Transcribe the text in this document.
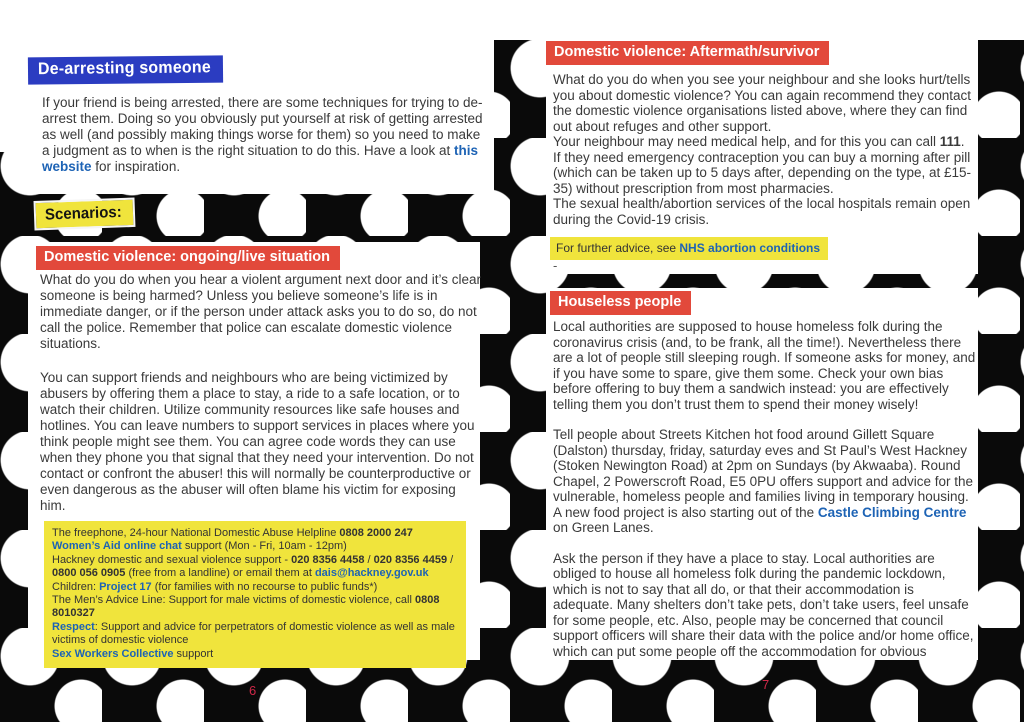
De-arresting someone

If your friend is being arrested, there are some techniques for trying to de-arrest them. Doing so you obviously put yourself at risk of getting arrested as well (and possibly making things worse for them) so you need to make a judgment as to when is the right situation to do this. Have a look at this website for inspiration.

Scenarios:
Domestic violence: ongoing/live situation
What do you do when you hear a violent argument next door and it’s clear someone is being harmed? Unless you believe someone’s life is in immediate danger, or if the person under attack asks you to do so, do not call the police. Remember that police can escalate domestic violence situations.
You can support friends and neighbours who are being victimized by abusers by offering them a place to stay, a ride to a safe location, or to watch their children. Utilize community resources like safe houses and hotlines. You can leave numbers to support services in places where you think people might see them. You can agree code words they can use when they phone you that signal that they need your intervention. Do not contact or confront the abuser! this will normally be counterproductive or even dangerous as the abuser will often blame his victim for exposing him.
The freephone, 24-hour National Domestic Abuse Helpline 0808 2000 247
Women’s Aid online chat support (Mon - Fri, 10am - 12pm)
Hackney domestic and sexual violence support - 020 8356 4458 / 020 8356 4459 / 0800 056 0905 (free from a landline) or email them at dais@hackney.gov.uk
Children: Project 17 (for families with no recourse to public funds*)
The Men’s Advice Line: Support for male victims of domestic violence, call 0808 8010327
Respect: Support and advice for perpetrators of domestic violence as well as male victims of domestic violence
Sex Workers Collective support
6
Domestic violence: Aftermath/survivor
What do you do when you see your neighbour and she looks hurt/tells you about domestic violence? You can again recommend they contact the domestic violence organisations listed above, where they can find out about refuges and other support.
Your neighbour may need medical help, and for this you can call 111.
If they need emergency contraception you can buy a morning after pill (which can be taken up to 5 days after, depending on the type, at £15-35) without prescription from most pharmacies.
The sexual health/abortion services of the local hospitals remain open during the Covid-19 crisis.
For further advice, see NHS abortion conditions
-
Houseless people
Local authorities are supposed to house homeless folk during the coronavirus crisis (and, to be frank, all the time!). Nevertheless there are a lot of people still sleeping rough. If someone asks for money, and if you have some to spare, give them some. Check your own bias before offering to buy them a sandwich instead: you are effectively telling them you don’t trust them to spend their money wisely!
Tell people about Streets Kitchen hot food around Gillett Square (Dalston) thursday, friday, saturday eves and St Paul’s West Hackney (Stoken Newington Road) at 2pm on Sundays (by Akwaaba). Round Chapel, 2 Powerscroft Road, E5 0PU offers support and advice for the vulnerable, homeless people and families living in temporary housing. A new food project is also starting out of the Castle Climbing Centre on Green Lanes.
Ask the person if they have a place to stay. Local authorities are obliged to house all homeless folk during the pandemic lockdown, which is not to say that all do, or that their accommodation is adequate. Many shelters don’t take pets, don’t take users, feel unsafe for some people, etc. Also, people may be concerned that council support officers will share their data with the police and/or home office, which can put some people off the accommodation for obvious
7
